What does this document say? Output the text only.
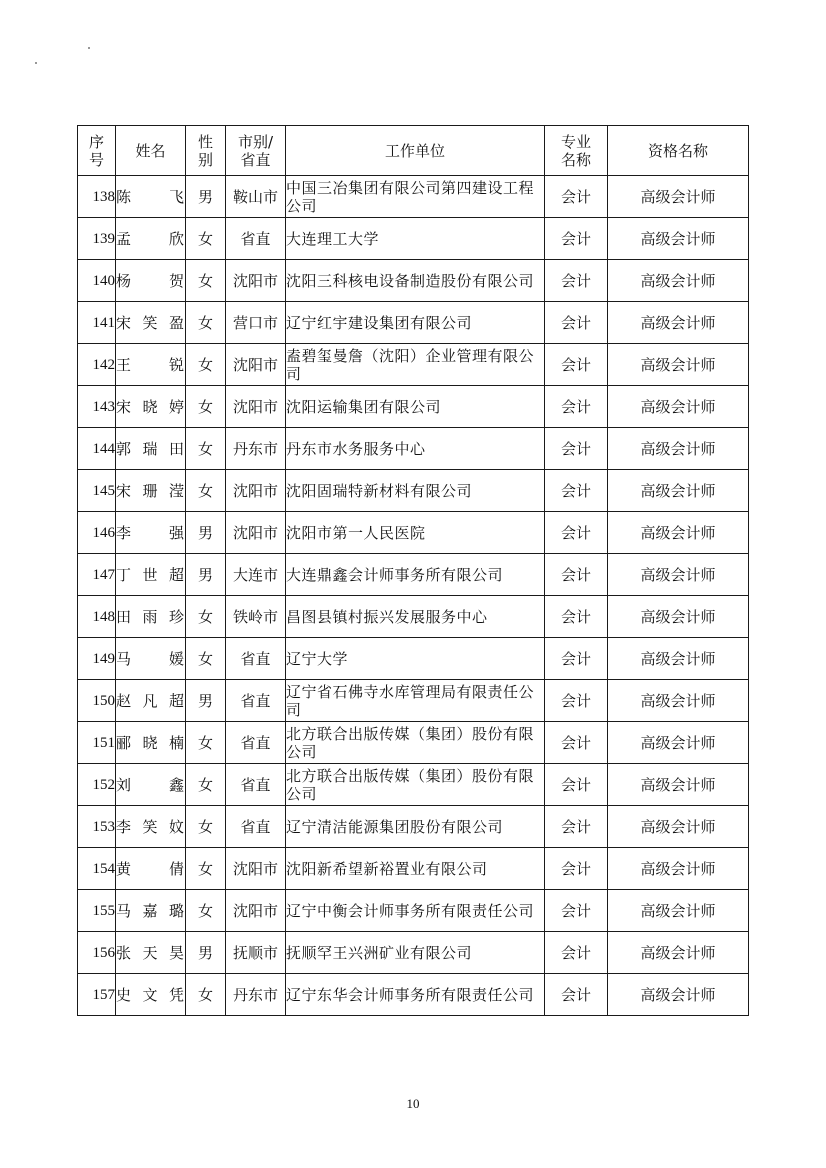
序号	姓名	性别	市别/省直	工作单位	专业名称	资格名称
138	陈飞	男	鞍山市	中国三冶集团有限公司第四建设工程公司	会计	高级会计师
139	孟欣	女	省直	大连理工大学	会计	高级会计师
140	杨贺	女	沈阳市	沈阳三科核电设备制造股份有限公司	会计	高级会计师
141	宋笑盈	女	营口市	辽宁红宇建设集团有限公司	会计	高级会计师
142	王锐	女	沈阳市	盍碧玺曼詹（沈阳）企业管理有限公司	会计	高级会计师
143	宋晓婷	女	沈阳市	沈阳运输集团有限公司	会计	高级会计师
144	郭瑞田	女	丹东市	丹东市水务服务中心	会计	高级会计师
145	宋珊滢	女	沈阳市	沈阳固瑞特新材料有限公司	会计	高级会计师
146	李强	男	沈阳市	沈阳市第一人民医院	会计	高级会计师
147	丁世超	男	大连市	大连鼎鑫会计师事务所有限公司	会计	高级会计师
148	田雨珍	女	铁岭市	昌图县镇村振兴发展服务中心	会计	高级会计师
149	马媛	女	省直	辽宁大学	会计	高级会计师
150	赵凡超	男	省直	辽宁省石佛寺水库管理局有限责任公司	会计	高级会计师
151	郦晓楠	女	省直	北方联合出版传媒（集团）股份有限公司	会计	高级会计师
152	刘鑫	女	省直	北方联合出版传媒（集团）股份有限公司	会计	高级会计师
153	李笑妏	女	省直	辽宁清洁能源集团股份有限公司	会计	高级会计师
154	黄倩	女	沈阳市	沈阳新希望新裕置业有限公司	会计	高级会计师
155	马嘉璐	女	沈阳市	辽宁中衡会计师事务所有限责任公司	会计	高级会计师
156	张天昊	男	抚顺市	抚顺罕王兴洲矿业有限公司	会计	高级会计师
157	史文凭	女	丹东市	辽宁东华会计师事务所有限责任公司	会计	高级会计师
10
